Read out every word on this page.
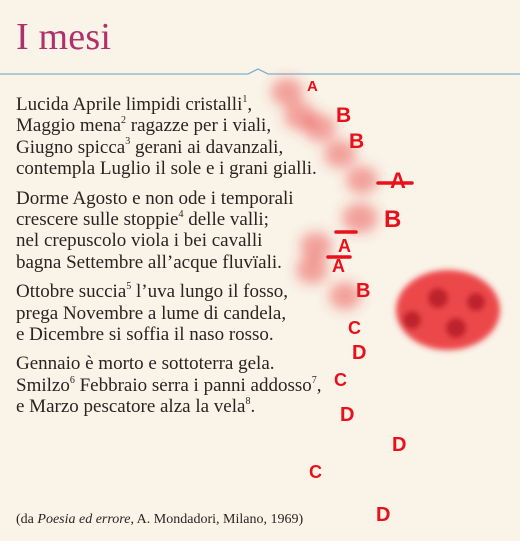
I mesi
Lucida Aprile limpidi cristalli$^1$,
Maggio mena$^2$ ragazze per i viali,
Giugno spicca$^3$ gerani ai davanzali,
contempla Luglio il sole e i grani gialli.
Dorme Agosto e non ode i temporali
crescere sulle stoppie$^4$ delle valli;
nel crepuscolo viola i bei cavalli
bagna Settembre all’acque fluvïali.
Ottobre succia$^5$ l’uva lungo il fosso,
prega Novembre a lume di candela,
e Dicembre si soffia il naso rosso.
Gennaio è morto e sottoterra gela.
Smilzo$^6$ Febbraio serra i panni addosso$^7$,
e Marzo pescatore alza la vela$^8$.
(da Poesia ed errore, A. Mondadori, Milano, 1969)
A
B
B
A
B
A
A
B
C
D
C
D
D
C
D
